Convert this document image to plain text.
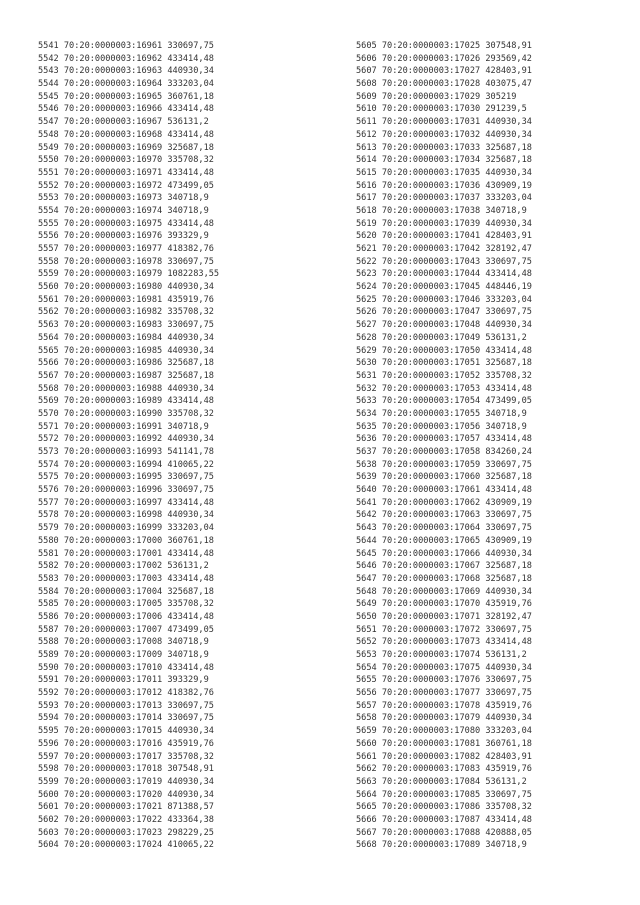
5541 70:20:0000003:16961 330697,75
5542 70:20:0000003:16962 433414,48
5543 70:20:0000003:16963 440930,34
5544 70:20:0000003:16964 333203,04
5545 70:20:0000003:16965 360761,18
5546 70:20:0000003:16966 433414,48
5547 70:20:0000003:16967 536131,2
5548 70:20:0000003:16968 433414,48
5549 70:20:0000003:16969 325687,18
5550 70:20:0000003:16970 335708,32
5551 70:20:0000003:16971 433414,48
5552 70:20:0000003:16972 473499,05
5553 70:20:0000003:16973 340718,9
5554 70:20:0000003:16974 340718,9
5555 70:20:0000003:16975 433414,48
5556 70:20:0000003:16976 393329,9
5557 70:20:0000003:16977 418382,76
5558 70:20:0000003:16978 330697,75
5559 70:20:0000003:16979 1082283,55
5560 70:20:0000003:16980 440930,34
5561 70:20:0000003:16981 435919,76
5562 70:20:0000003:16982 335708,32
5563 70:20:0000003:16983 330697,75
5564 70:20:0000003:16984 440930,34
5565 70:20:0000003:16985 440930,34
5566 70:20:0000003:16986 325687,18
5567 70:20:0000003:16987 325687,18
5568 70:20:0000003:16988 440930,34
5569 70:20:0000003:16989 433414,48
5570 70:20:0000003:16990 335708,32
5571 70:20:0000003:16991 340718,9
5572 70:20:0000003:16992 440930,34
5573 70:20:0000003:16993 541141,78
5574 70:20:0000003:16994 410065,22
5575 70:20:0000003:16995 330697,75
5576 70:20:0000003:16996 330697,75
5577 70:20:0000003:16997 433414,48
5578 70:20:0000003:16998 440930,34
5579 70:20:0000003:16999 333203,04
5580 70:20:0000003:17000 360761,18
5581 70:20:0000003:17001 433414,48
5582 70:20:0000003:17002 536131,2
5583 70:20:0000003:17003 433414,48
5584 70:20:0000003:17004 325687,18
5585 70:20:0000003:17005 335708,32
5586 70:20:0000003:17006 433414,48
5587 70:20:0000003:17007 473499,05
5588 70:20:0000003:17008 340718,9
5589 70:20:0000003:17009 340718,9
5590 70:20:0000003:17010 433414,48
5591 70:20:0000003:17011 393329,9
5592 70:20:0000003:17012 418382,76
5593 70:20:0000003:17013 330697,75
5594 70:20:0000003:17014 330697,75
5595 70:20:0000003:17015 440930,34
5596 70:20:0000003:17016 435919,76
5597 70:20:0000003:17017 335708,32
5598 70:20:0000003:17018 307548,91
5599 70:20:0000003:17019 440930,34
5600 70:20:0000003:17020 440930,34
5601 70:20:0000003:17021 871388,57
5602 70:20:0000003:17022 433364,38
5603 70:20:0000003:17023 298229,25
5604 70:20:0000003:17024 410065,22
5605 70:20:0000003:17025 307548,91
5606 70:20:0000003:17026 293569,42
5607 70:20:0000003:17027 428403,91
5608 70:20:0000003:17028 403075,47
5609 70:20:0000003:17029 305219
5610 70:20:0000003:17030 291239,5
5611 70:20:0000003:17031 440930,34
5612 70:20:0000003:17032 440930,34
5613 70:20:0000003:17033 325687,18
5614 70:20:0000003:17034 325687,18
5615 70:20:0000003:17035 440930,34
5616 70:20:0000003:17036 430909,19
5617 70:20:0000003:17037 333203,04
5618 70:20:0000003:17038 340718,9
5619 70:20:0000003:17039 440930,34
5620 70:20:0000003:17041 428403,91
5621 70:20:0000003:17042 328192,47
5622 70:20:0000003:17043 330697,75
5623 70:20:0000003:17044 433414,48
5624 70:20:0000003:17045 448446,19
5625 70:20:0000003:17046 333203,04
5626 70:20:0000003:17047 330697,75
5627 70:20:0000003:17048 440930,34
5628 70:20:0000003:17049 536131,2
5629 70:20:0000003:17050 433414,48
5630 70:20:0000003:17051 325687,18
5631 70:20:0000003:17052 335708,32
5632 70:20:0000003:17053 433414,48
5633 70:20:0000003:17054 473499,05
5634 70:20:0000003:17055 340718,9
5635 70:20:0000003:17056 340718,9
5636 70:20:0000003:17057 433414,48
5637 70:20:0000003:17058 834260,24
5638 70:20:0000003:17059 330697,75
5639 70:20:0000003:17060 325687,18
5640 70:20:0000003:17061 433414,48
5641 70:20:0000003:17062 430909,19
5642 70:20:0000003:17063 330697,75
5643 70:20:0000003:17064 330697,75
5644 70:20:0000003:17065 430909,19
5645 70:20:0000003:17066 440930,34
5646 70:20:0000003:17067 325687,18
5647 70:20:0000003:17068 325687,18
5648 70:20:0000003:17069 440930,34
5649 70:20:0000003:17070 435919,76
5650 70:20:0000003:17071 328192,47
5651 70:20:0000003:17072 330697,75
5652 70:20:0000003:17073 433414,48
5653 70:20:0000003:17074 536131,2
5654 70:20:0000003:17075 440930,34
5655 70:20:0000003:17076 330697,75
5656 70:20:0000003:17077 330697,75
5657 70:20:0000003:17078 435919,76
5658 70:20:0000003:17079 440930,34
5659 70:20:0000003:17080 333203,04
5660 70:20:0000003:17081 360761,18
5661 70:20:0000003:17082 428403,91
5662 70:20:0000003:17083 435919,76
5663 70:20:0000003:17084 536131,2
5664 70:20:0000003:17085 330697,75
5665 70:20:0000003:17086 335708,32
5666 70:20:0000003:17087 433414,48
5667 70:20:0000003:17088 420888,05
5668 70:20:0000003:17089 340718,9
